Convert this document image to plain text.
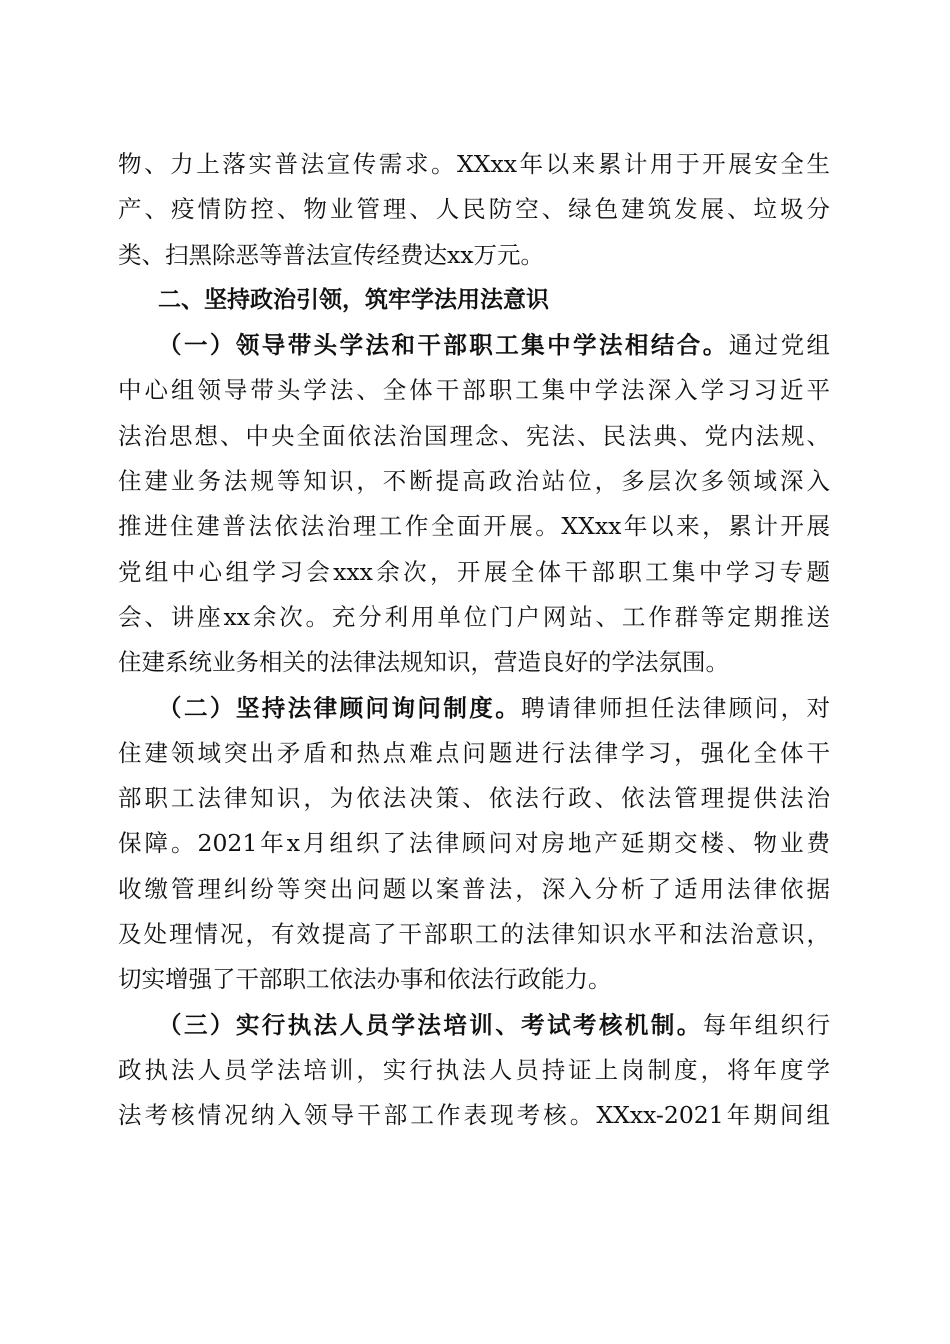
物、力上落实普法宣传需求。XXxx年以来累计用于开展安全生
产、疫情防控、物业管理、人民防空、绿色建筑发展、垃圾分
类、扫黑除恶等普法宣传经费达xx万元。
二、坚持政治引领，筑牢学法用法意识
（一）领导带头学法和干部职工集中学法相结合。通过党组
中心组领导带头学法、全体干部职工集中学法深入学习习近平
法治思想、中央全面依法治国理念、宪法、民法典、党内法规、
住建业务法规等知识，不断提高政治站位，多层次多领域深入
推进住建普法依法治理工作全面开展。XXxx年以来，累计开展
党组中心组学习会xxx余次，开展全体干部职工集中学习专题
会、讲座xx余次。充分利用单位门户网站、工作群等定期推送
住建系统业务相关的法律法规知识，营造良好的学法氛围。
（二）坚持法律顾问询问制度。聘请律师担任法律顾问，对
住建领域突出矛盾和热点难点问题进行法律学习，强化全体干
部职工法律知识，为依法决策、依法行政、依法管理提供法治
保障。2021年x月组织了法律顾问对房地产延期交楼、物业费
收缴管理纠纷等突出问题以案普法，深入分析了适用法律依据
及处理情况，有效提高了干部职工的法律知识水平和法治意识，
切实增强了干部职工依法办事和依法行政能力。
（三）实行执法人员学法培训、考试考核机制。每年组织行
政执法人员学法培训，实行执法人员持证上岗制度，将年度学
法考核情况纳入领导干部工作表现考核。XXxx-2021年期间组
